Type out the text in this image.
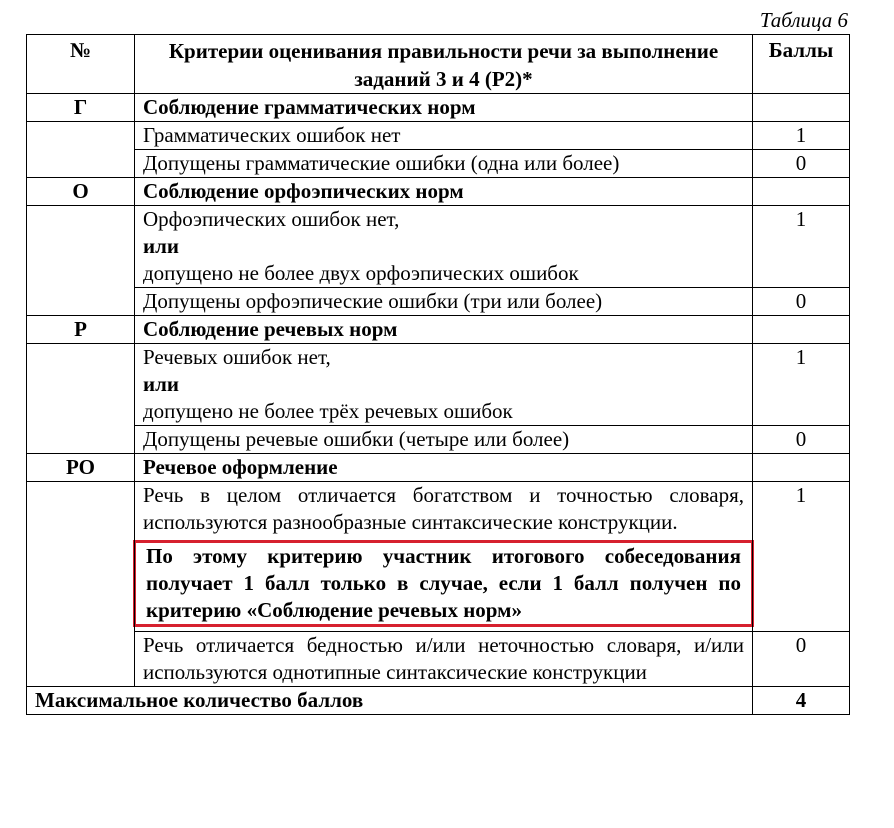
Таблица 6
№	Критерии оценивания правильности речи за выполнение заданий 3 и 4 (Р2)*	Баллы
Г	Соблюдение грамматических норм	
	Грамматических ошибок нет	1
	Допущены грамматические ошибки (одна или более)	0
О	Соблюдение орфоэпических норм	

	Орфоэпических ошибок нет,
или
допущено не более двух орфоэпических ошибок	1
	Допущены орфоэпические ошибки (три или более)	0
Р	Соблюдение речевых норм	

	Речевых ошибок нет,
или
допущено не более трёх речевых ошибок	1
	Допущены речевые ошибки (четыре или более)	0
РО	Речевое оформление	

	Речь в целом отличается богатством и точностью словаря, используются разнообразные синтаксические конструкции.
По этому критерию участник итогового собеседования получает 1 балл только в случае, если 1 балл получен по критерию «Соблюдение речевых норм»	1
	Речь отличается бедностью и/или неточностью словаря, и/или используются однотипные синтаксические конструкции	0
Максимальное количество баллов		4
